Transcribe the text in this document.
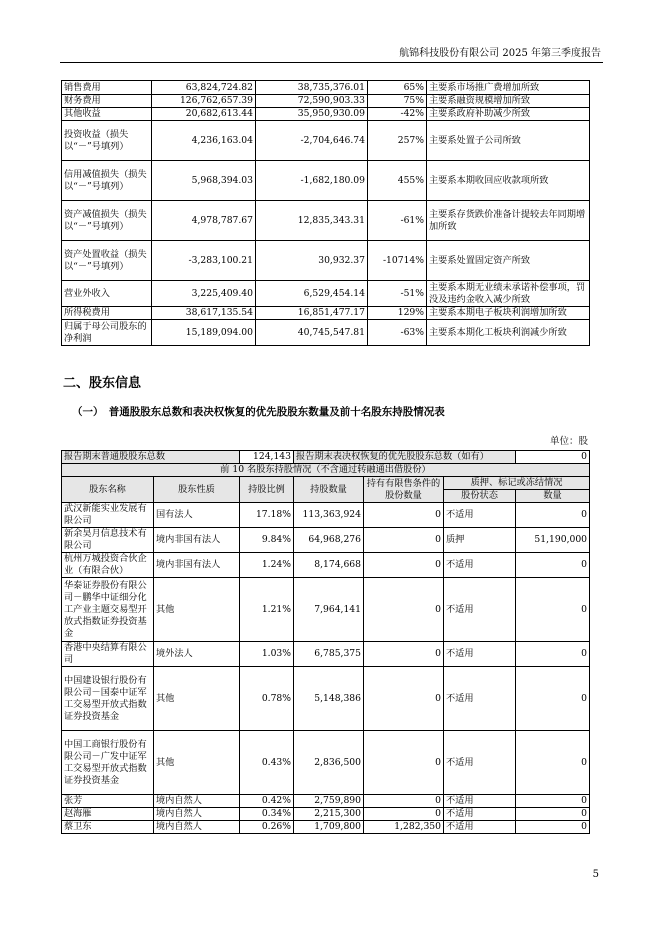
航锦科技股份有限公司 2025 年第三季度报告
销售费用	63,824,724.82	38,735,376.01	65%	主要系市场推广费增加所致
财务费用	126,762,657.39	72,590,903.33	75%	主要系融资规模增加所致
其他收益	20,682,613.44	35,950,930.09	-42%	主要系政府补助减少所致
投资收益（损失以“－”号填列）	4,236,163.04	-2,704,646.74	257%	主要系处置子公司所致
信用减值损失（损失以“－”号填列）	5,968,394.03	-1,682,180.09	455%	主要系本期收回应收款项所致
资产减值损失（损失以“－”号填列）	4,978,787.67	12,835,343.31	-61%	主要系存货跌价准备计提较去年同期增加所致
资产处置收益（损失以“－”号填列）	-3,283,100.21	30,932.37	-10714%	主要系处置固定资产所致
营业外收入	3,225,409.40	6,529,454.14	-51%	主要系本期无业绩未承诺补偿事项，罚没及违约金收入减少所致
所得税费用	38,617,135.54	16,851,477.17	129%	主要系本期电子板块利润增加所致
归属于母公司股东的净利润	15,189,094.00	40,745,547.81	-63%	主要系本期化工板块利润减少所致
二、股东信息
（一）　普通股股东总数和表决权恢复的优先股股东数量及前十名股东持股情况表
单位：股
报告期末普通股股东总数		124,143	报告期末表决权恢复的优先股股东总数（如有）			0
前 10 名股东持股情况（不含通过转融通出借股份）						
股东名称	股东性质	持股比例	持股数量	持有有限售条件的股份数量	质押、标记或冻结情况	
					股份状态	数量
武汉新能实业发展有限公司	国有法人	17.18%	113,363,924	0	不适用	0
新余昊月信息技术有限公司	境内非国有法人	9.84%	64,968,276	0	质押	51,190,000
杭州万城投资合伙企业（有限合伙）	境内非国有法人	1.24%	8,174,668	0	不适用	0
华泰证券股份有限公司－鹏华中证细分化工产业主题交易型开放式指数证券投资基金	其他	1.21%	7,964,141	0	不适用	0
香港中央结算有限公司	境外法人	1.03%	6,785,375	0	不适用	0
中国建设银行股份有限公司－国泰中证军工交易型开放式指数证券投资基金	其他	0.78%	5,148,386	0	不适用	0
中国工商银行股份有限公司－广发中证军工交易型开放式指数证券投资基金	其他	0.43%	2,836,500	0	不适用	0
张芳	境内自然人	0.42%	2,759,890	0	不适用	0
赵海雁	境内自然人	0.34%	2,215,300	0	不适用	0
蔡卫东	境内自然人	0.26%	1,709,800	1,282,350	不适用	0
5
